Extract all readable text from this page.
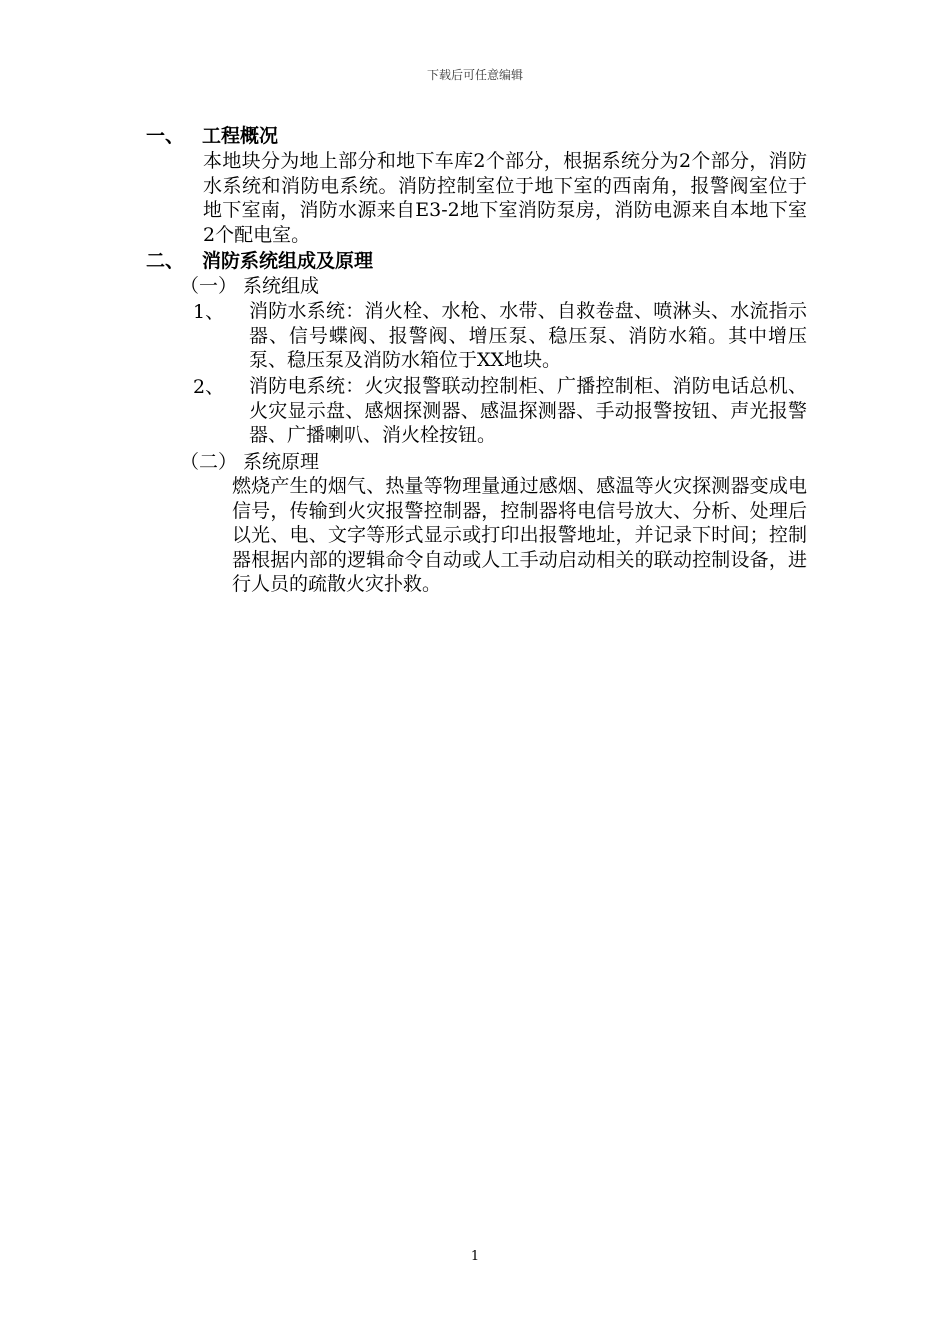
下载后可任意编辑
一、 工程概况
本地块分为地上部分和地下车库2个部分，根据系统分为2个部分，消防水系统和消防电系统。消防控制室位于地下室的西南角，报警阀室位于地下室南，消防水源来自E3-2地下室消防泵房，消防电源来自本地下室2个配电室。
二、 消防系统组成及原理
（一） 系统组成
1、 消防水系统：消火栓、水枪、水带、自救卷盘、喷淋头、水流指示器、信号蝶阀、报警阀、增压泵、稳压泵、消防水箱。其中增压泵、稳压泵及消防水箱位于XX地块。
2、 消防电系统：火灾报警联动控制柜、广播控制柜、消防电话总机、火灾显示盘、感烟探测器、感温探测器、手动报警按钮、声光报警器、广播喇叭、消火栓按钮。
（二） 系统原理
燃烧产生的烟气、热量等物理量通过感烟、感温等火灾探测器变成电信号，传输到火灾报警控制器，控制器将电信号放大、分析、处理后以光、电、文字等形式显示或打印出报警地址，并记录下时间；控制器根据内部的逻辑命令自动或人工手动启动相关的联动控制设备，进行人员的疏散火灾扑救。
1
